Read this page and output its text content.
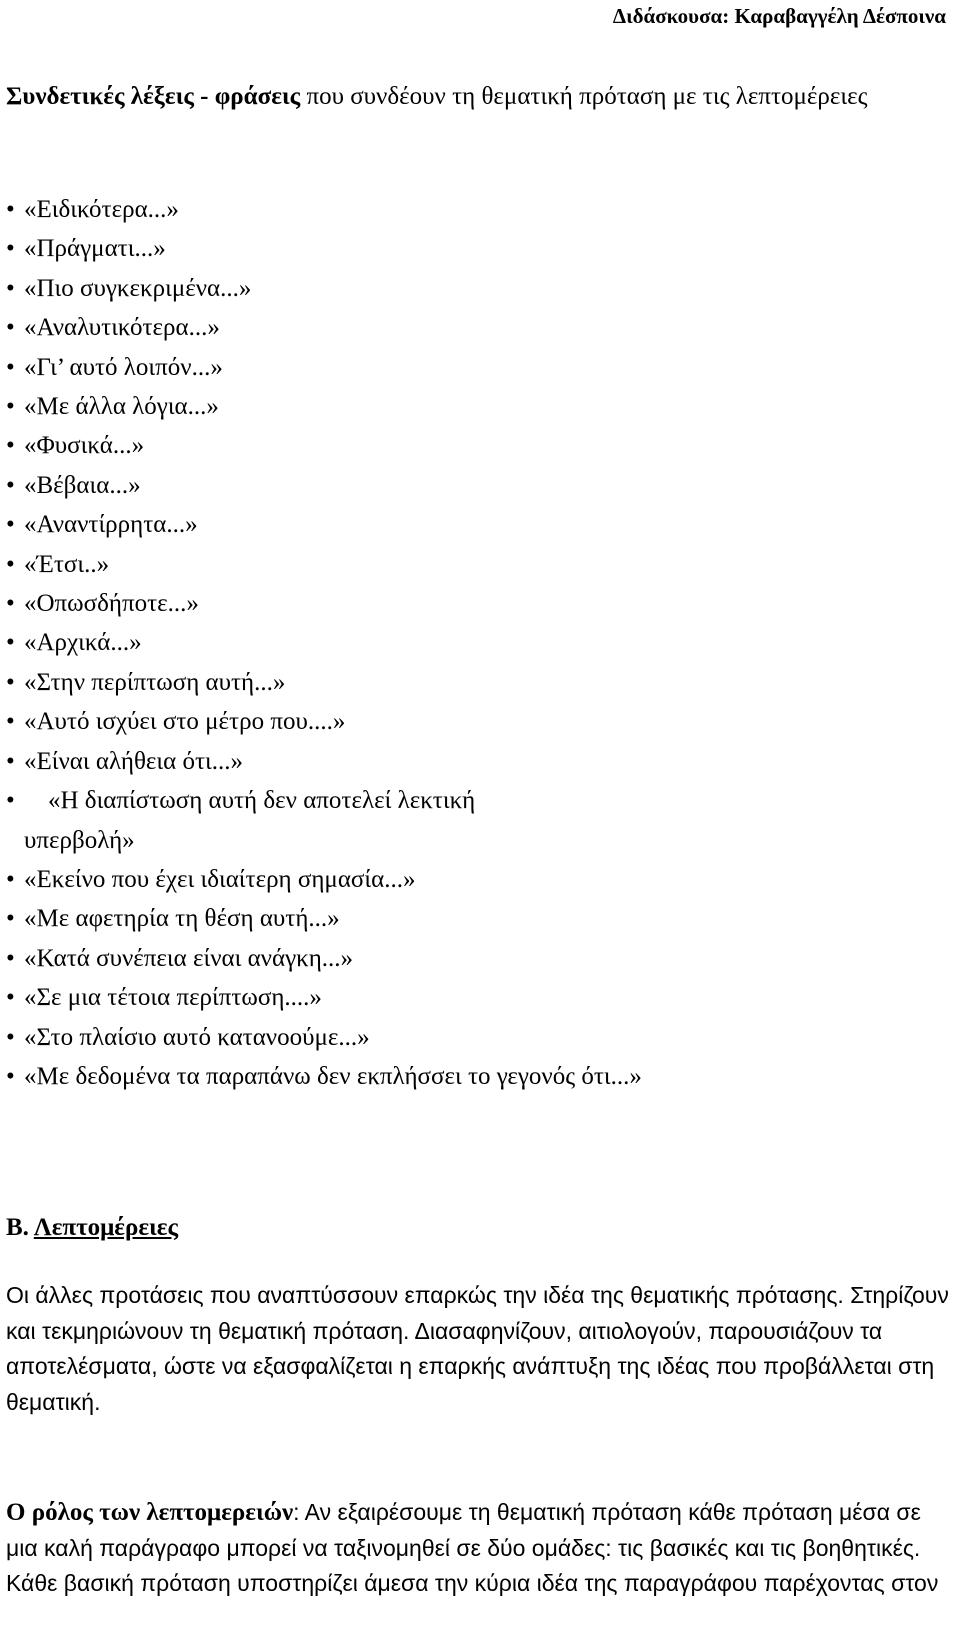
Διδάσκουσα: Καραβαγγέλη Δέσποινα
Συνδετικές λέξεις - φράσεις που συνδέουν τη θεματική πρόταση με τις λεπτομέρειες
• «Ειδικότερα...»
• «Πράγματι...»
• «Πιο συγκεκριμένα...»
• «Αναλυτικότερα...»
• «Γι’ αυτό λοιπόν...»
• «Με άλλα λόγια...»
• «Φυσικά...»
• «Βέβαια...»
• «Αναντίρρητα...»
• «Έτσι..»
• «Οπωσδήποτε...»
• «Αρχικά...»
• «Στην περίπτωση αυτή...»
• «Αυτό ισχύει στο μέτρο που....»
• «Είναι αλήθεια ότι...»
• «Η διαπίστωση αυτή δεν αποτελεί λεκτική υπερβολή»
• «Εκείνο που έχει ιδιαίτερη σημασία...»
• «Με αφετηρία τη θέση αυτή...»
• «Κατά συνέπεια είναι ανάγκη...»
• «Σε μια τέτοια περίπτωση....»
• «Στο πλαίσιο αυτό κατανοούμε...»
• «Με δεδομένα τα παραπάνω δεν εκπλήσσει το γεγονός ότι...»
Β. Λεπτομέρειες
Οι άλλες προτάσεις που αναπτύσσουν επαρκώς την ιδέα της θεματικής πρότασης. Στηρίζουν και τεκμηριώνουν τη θεματική πρόταση. Διασαφηνίζουν, αιτιολογούν, παρουσιάζουν τα αποτελέσματα, ώστε να εξασφαλίζεται η επαρκής ανάπτυξη της ιδέας που προβάλλεται στη θεματική.
Ο ρόλος των λεπτομερειών: Αν εξαιρέσουμε τη θεματική πρόταση κάθε πρόταση μέσα σε μια καλή παράγραφο μπορεί να ταξινομηθεί σε δύο ομάδες: τις βασικές και τις βοηθητικές. Κάθε βασική πρόταση υποστηρίζει άμεσα την κύρια ιδέα της παραγράφου παρέχοντας στον
